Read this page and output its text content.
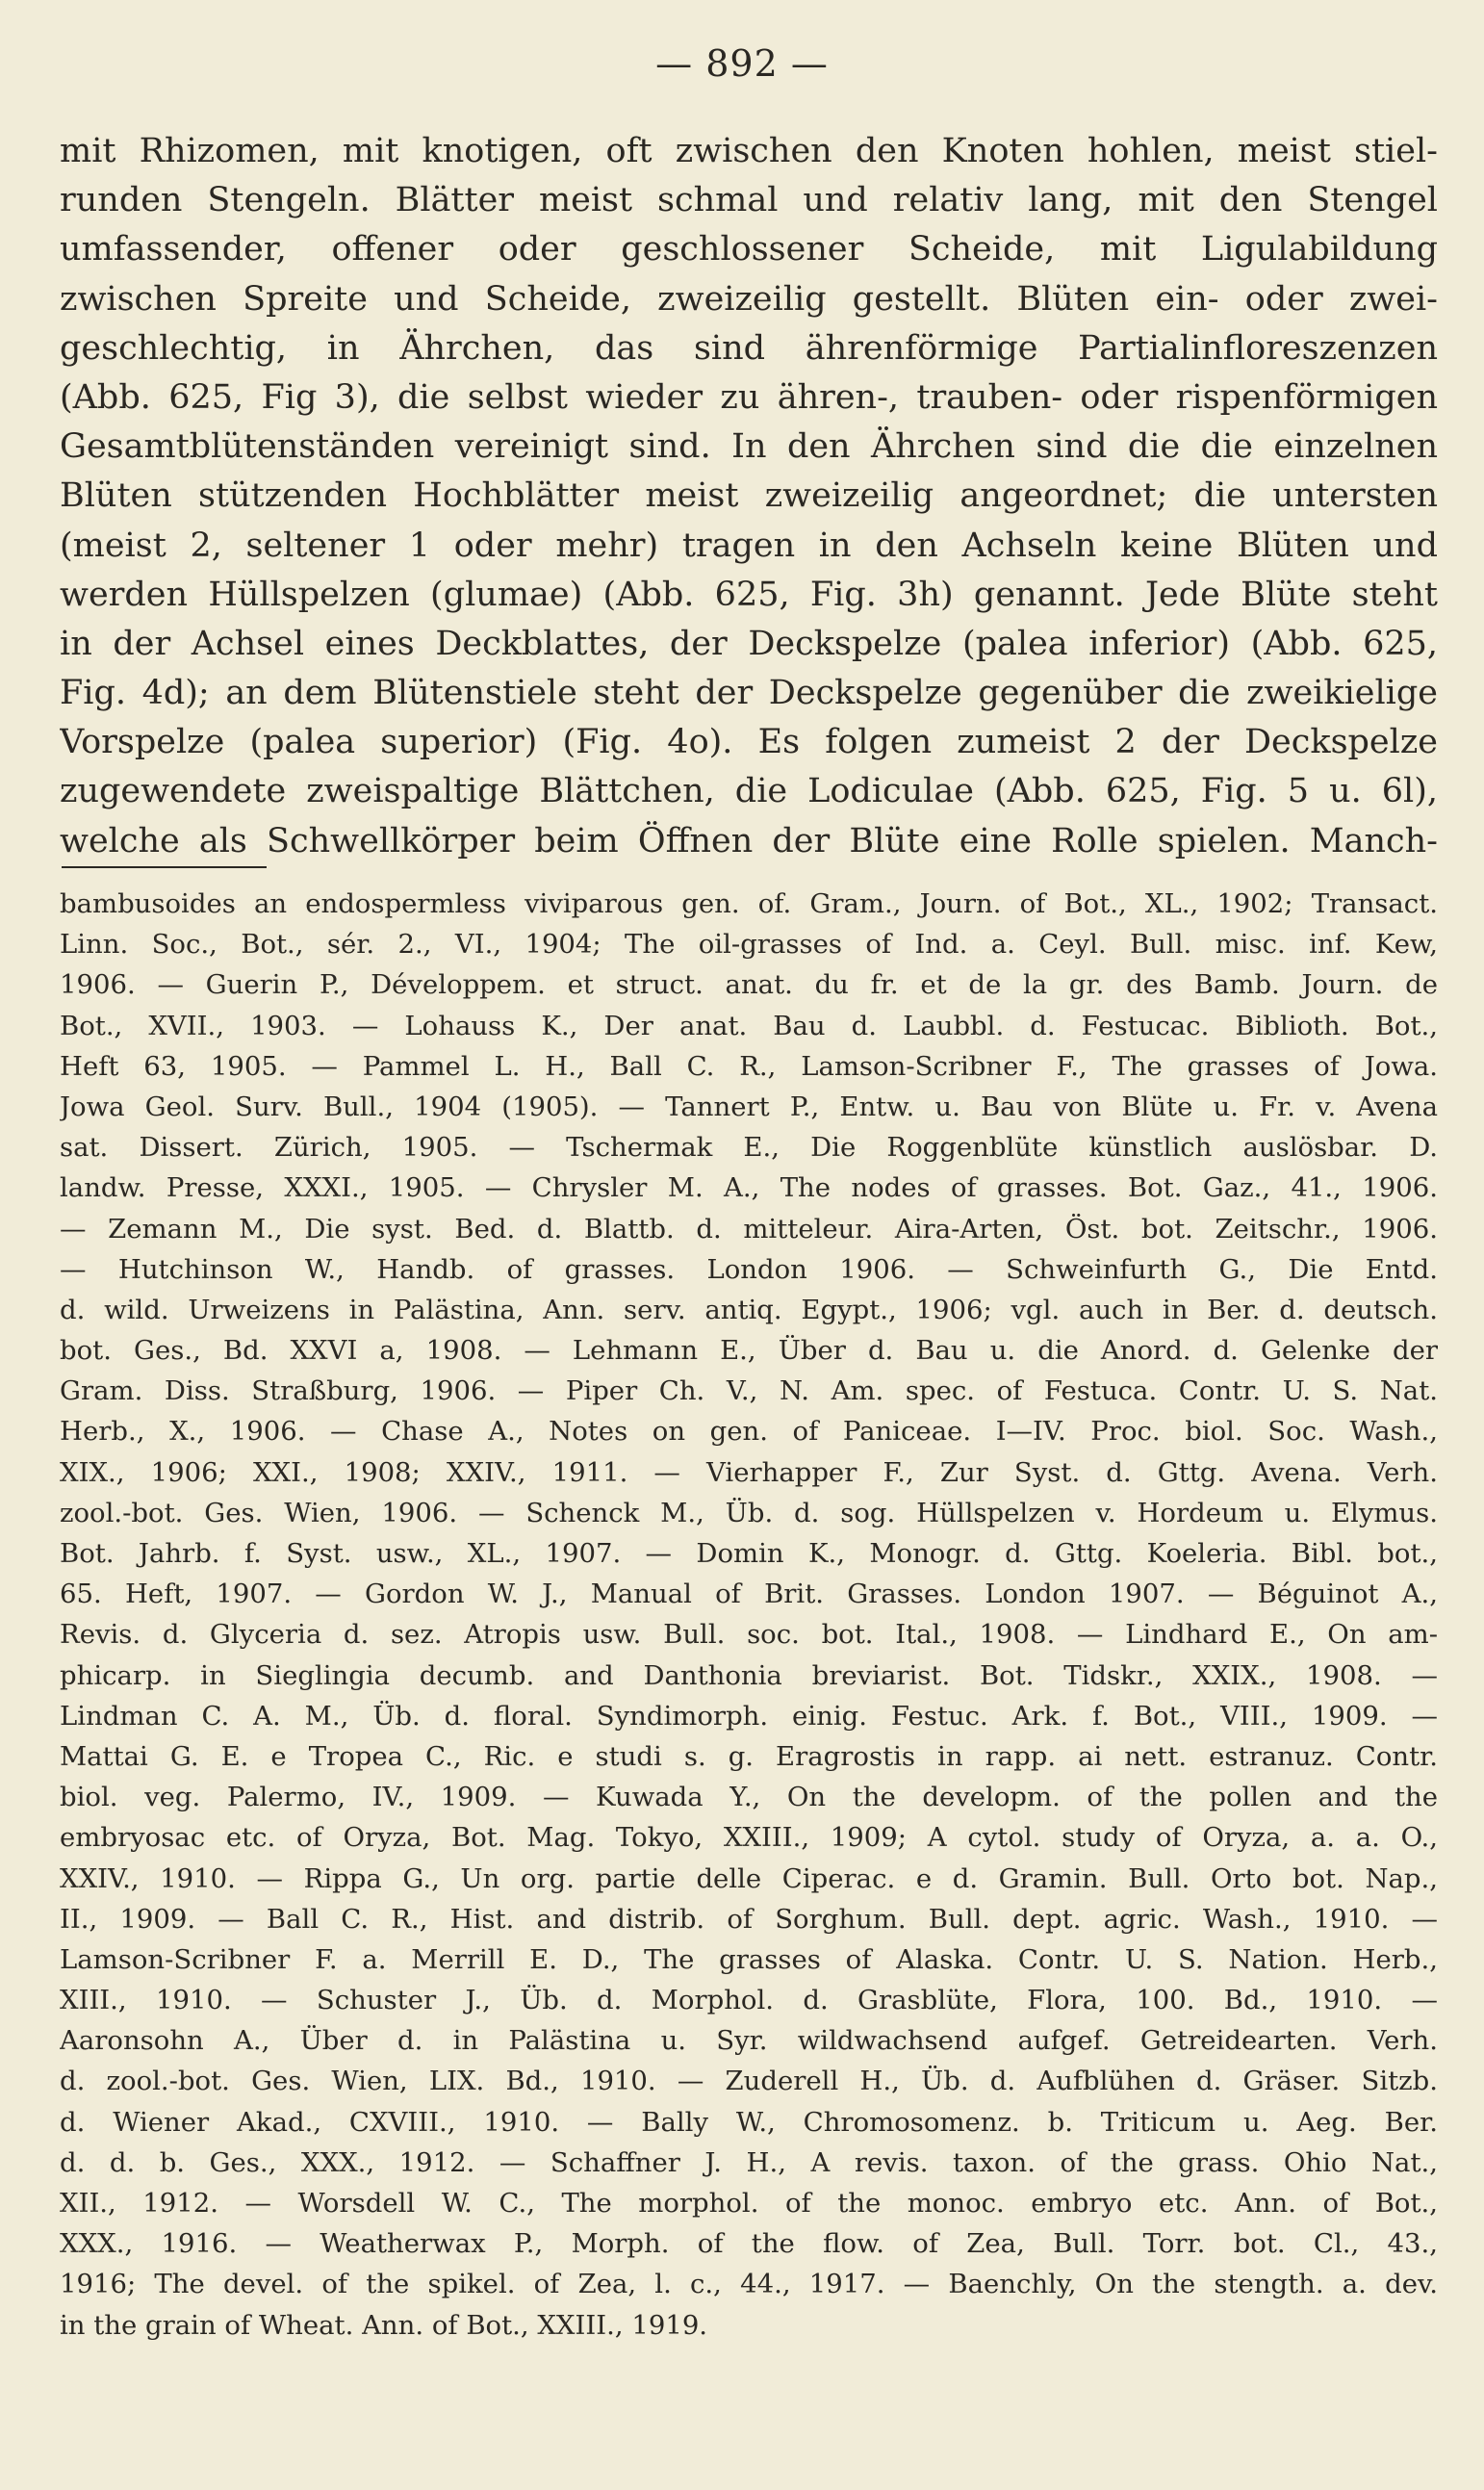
— 892 —
mit Rhizomen, mit knotigen, oft zwischen den Knoten hohlen, meist stiel-
runden Stengeln. Blätter meist schmal und relativ lang, mit den Stengel
umfassender, offener oder geschlossener Scheide, mit Ligulabildung
zwischen Spreite und Scheide, zweizeilig gestellt. Blüten ein- oder zwei-
geschlechtig, in Ährchen, das sind ährenförmige Partialinfloreszenzen
(Abb. 625, Fig 3), die selbst wieder zu ähren-, trauben- oder rispenförmigen
Gesamtblütenständen vereinigt sind. In den Ährchen sind die die einzelnen
Blüten stützenden Hochblätter meist zweizeilig angeordnet; die untersten
(meist 2, seltener 1 oder mehr) tragen in den Achseln keine Blüten und
werden Hüllspelzen (glumae) (Abb. 625, Fig. 3h) genannt. Jede Blüte steht
in der Achsel eines Deckblattes, der Deckspelze (palea inferior) (Abb. 625,
Fig. 4d); an dem Blütenstiele steht der Deckspelze gegenüber die zweikielige
Vorspelze (palea superior) (Fig. 4o). Es folgen zumeist 2 der Deckspelze
zugewendete zweispaltige Blättchen, die Lodiculae (Abb. 625, Fig. 5 u. 6l),
welche als Schwellkörper beim Öffnen der Blüte eine Rolle spielen. Manch-
bambusoides an endospermless viviparous gen. of. Gram., Journ. of Bot., XL., 1902; Transact.
Linn. Soc., Bot., sér. 2., VI., 1904; The oil-grasses of Ind. a. Ceyl. Bull. misc. inf. Kew,
1906. — Guerin P., Développem. et struct. anat. du fr. et de la gr. des Bamb. Journ. de
Bot., XVII., 1903. — Lohauss K., Der anat. Bau d. Laubbl. d. Festucac. Biblioth. Bot.,
Heft 63, 1905. — Pammel L. H., Ball C. R., Lamson-Scribner F., The grasses of Jowa.
Jowa Geol. Surv. Bull., 1904 (1905). — Tannert P., Entw. u. Bau von Blüte u. Fr. v. Avena
sat. Dissert. Zürich, 1905. — Tschermak E., Die Roggenblüte künstlich auslösbar. D.
landw. Presse, XXXI., 1905. — Chrysler M. A., The nodes of grasses. Bot. Gaz., 41., 1906.
— Zemann M., Die syst. Bed. d. Blattb. d. mitteleur. Aira-Arten, Öst. bot. Zeitschr., 1906.
— Hutchinson W., Handb. of grasses. London 1906. — Schweinfurth G., Die Entd.
d. wild. Urweizens in Palästina, Ann. serv. antiq. Egypt., 1906; vgl. auch in Ber. d. deutsch.
bot. Ges., Bd. XXVI a, 1908. — Lehmann E., Über d. Bau u. die Anord. d. Gelenke der
Gram. Diss. Straßburg, 1906. — Piper Ch. V., N. Am. spec. of Festuca. Contr. U. S. Nat.
Herb., X., 1906. — Chase A., Notes on gen. of Paniceae. I—IV. Proc. biol. Soc. Wash.,
XIX., 1906; XXI., 1908; XXIV., 1911. — Vierhapper F., Zur Syst. d. Gttg. Avena. Verh.
zool.-bot. Ges. Wien, 1906. — Schenck M., Üb. d. sog. Hüllspelzen v. Hordeum u. Elymus.
Bot. Jahrb. f. Syst. usw., XL., 1907. — Domin K., Monogr. d. Gttg. Koeleria. Bibl. bot.,
65. Heft, 1907. — Gordon W. J., Manual of Brit. Grasses. London 1907. — Béguinot A.,
Revis. d. Glyceria d. sez. Atropis usw. Bull. soc. bot. Ital., 1908. — Lindhard E., On am-
phicarp. in Sieglingia decumb. and Danthonia breviarist. Bot. Tidskr., XXIX., 1908. —
Lindman C. A. M., Üb. d. floral. Syndimorph. einig. Festuc. Ark. f. Bot., VIII., 1909. —
Mattai G. E. e Tropea C., Ric. e studi s. g. Eragrostis in rapp. ai nett. estranuz. Contr.
biol. veg. Palermo, IV., 1909. — Kuwada Y., On the developm. of the pollen and the
embryosac etc. of Oryza, Bot. Mag. Tokyo, XXIII., 1909; A cytol. study of Oryza, a. a. O.,
XXIV., 1910. — Rippa G., Un org. partie delle Ciperac. e d. Gramin. Bull. Orto bot. Nap.,
II., 1909. — Ball C. R., Hist. and distrib. of Sorghum. Bull. dept. agric. Wash., 1910. —
Lamson-Scribner F. a. Merrill E. D., The grasses of Alaska. Contr. U. S. Nation. Herb.,
XIII., 1910. — Schuster J., Üb. d. Morphol. d. Grasblüte, Flora, 100. Bd., 1910. —
Aaronsohn A., Über d. in Palästina u. Syr. wildwachsend aufgef. Getreidearten. Verh.
d. zool.-bot. Ges. Wien, LIX. Bd., 1910. — Zuderell H., Üb. d. Aufblühen d. Gräser. Sitzb.
d. Wiener Akad., CXVIII., 1910. — Bally W., Chromosomenz. b. Triticum u. Aeg. Ber.
d. d. b. Ges., XXX., 1912. — Schaffner J. H., A revis. taxon. of the grass. Ohio Nat.,
XII., 1912. — Worsdell W. C., The morphol. of the monoc. embryo etc. Ann. of Bot.,
XXX., 1916. — Weatherwax P., Morph. of the flow. of Zea, Bull. Torr. bot. Cl., 43.,
1916; The devel. of the spikel. of Zea, l. c., 44., 1917. — Baenchly, On the stength. a. dev.
in the grain of Wheat. Ann. of Bot., XXIII., 1919.
